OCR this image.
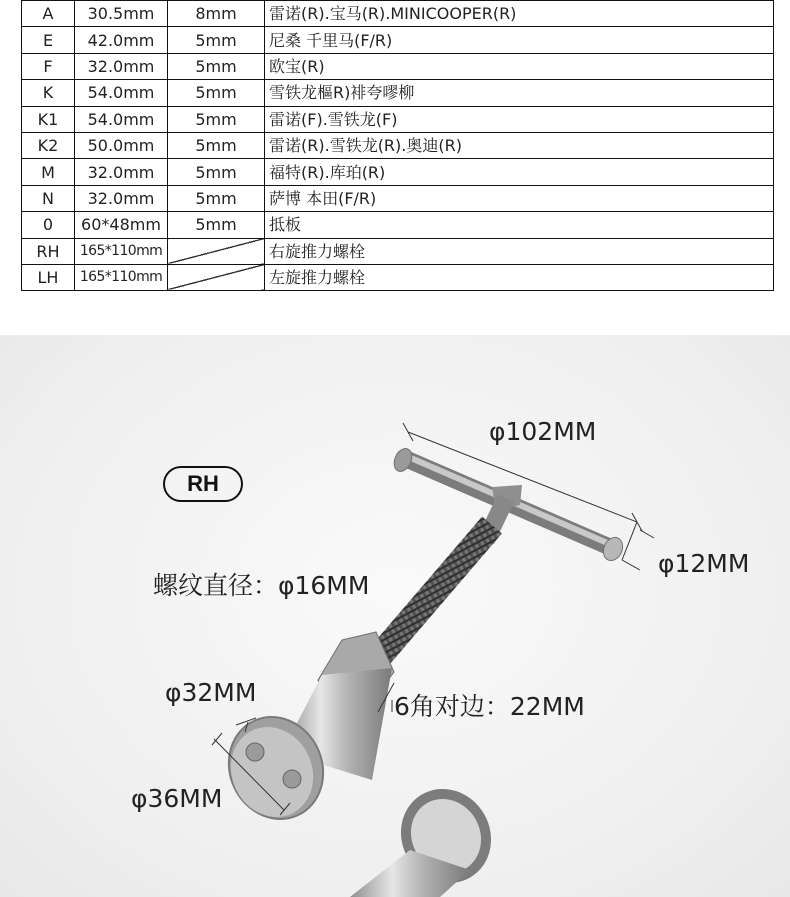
A	30.5mm	8mm	雷诺(R).宝马(R).MINICOOPER(R)
E	42.0mm	5mm	尼桑 千里马(F/R)
F	32.0mm	5mm	欧宝(R)
K	54.0mm	5mm	雪铁龙樞R)裶夸嘐柳
K1	54.0mm	5mm	雷诺(F).雪铁龙(F)
K2	50.0mm	5mm	雷诺(R).雪铁龙(R).奥迪(R)
M	32.0mm	5mm	福特(R).库珀(R)
N	32.0mm	5mm	萨博 本田(F/R)
0	60*48mm	5mm	抵板
RH	165*110mm		右旋推力螺栓
LH	165*110mm		左旋推力螺栓
RH
φ102MM
φ12MM
螺纹直径：φ16MM
φ32MM	6角对边：22MM
φ36MM
